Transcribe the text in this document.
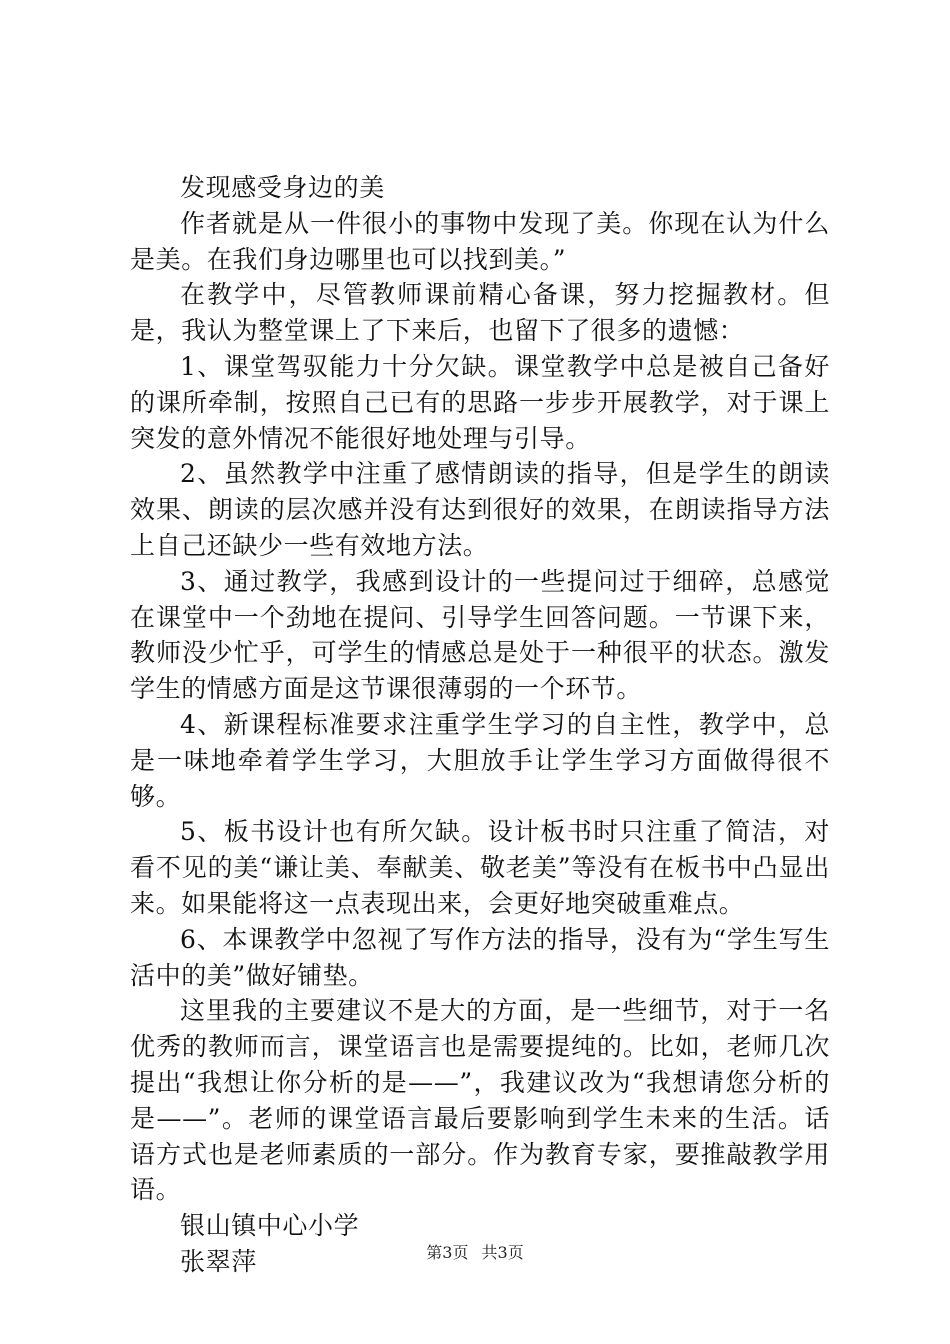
发现感受身边的美

作者就是从一件很小的事物中发现了美。你现在认为什么是美。在我们身边哪里也可以找到美。”

在教学中，尽管教师课前精心备课，努力挖掘教材。但是，我认为整堂课上了下来后，也留下了很多的遗憾：

1、课堂驾驭能力十分欠缺。课堂教学中总是被自己备好的课所牵制，按照自己已有的思路一步步开展教学，对于课上突发的意外情况不能很好地处理与引导。

2、虽然教学中注重了感情朗读的指导，但是学生的朗读效果、朗读的层次感并没有达到很好的效果，在朗读指导方法上自己还缺少一些有效地方法。

3、通过教学，我感到设计的一些提问过于细碎，总感觉在课堂中一个劲地在提问、引导学生回答问题。一节课下来，教师没少忙乎，可学生的情感总是处于一种很平的状态。激发学生的情感方面是这节课很薄弱的一个环节。

4、新课程标准要求注重学生学习的自主性，教学中，总是一味地牵着学生学习，大胆放手让学生学习方面做得很不够。

5、板书设计也有所欠缺。设计板书时只注重了简洁，对看不见的美“谦让美、奉献美、敬老美”等没有在板书中凸显出来。如果能将这一点表现出来，会更好地突破重难点。

6、本课教学中忽视了写作方法的指导，没有为“学生写生活中的美”做好铺垫。

这里我的主要建议不是大的方面，是一些细节，对于一名优秀的教师而言，课堂语言也是需要提纯的。比如，老师几次提出“我想让你分析的是——”，我建议改为“我想请您分析的是——”。老师的课堂语言最后要影响到学生未来的生活。话语方式也是老师素质的一部分。作为教育专家，要推敲教学用语。

银山镇中心小学

张翠萍	第3页 共3页
